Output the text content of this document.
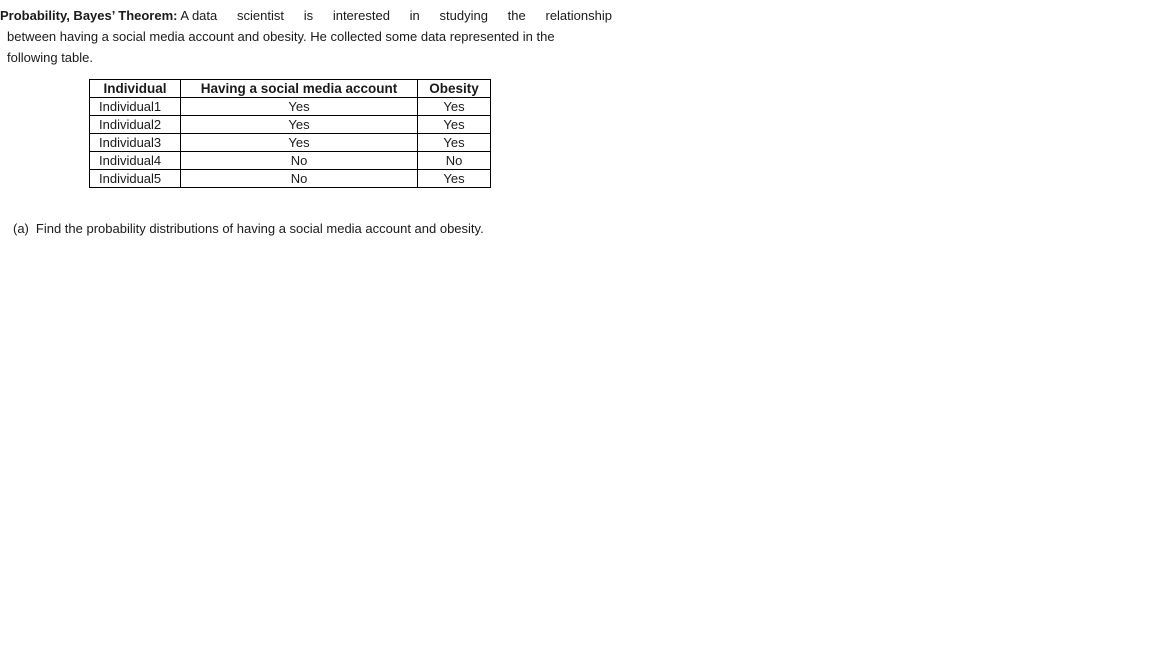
Probability, Bayes’ Theorem: A data scientist is interested in studying the relationship
between having a social media account and obesity. He collected some data represented in the
following table.
Individual	Having a social media account	Obesity
Individual1	Yes	Yes
Individual2	Yes	Yes
Individual3	Yes	Yes
Individual4	No	No
Individual5	No	Yes
(a) Find the probability distributions of having a social media account and obesity.
